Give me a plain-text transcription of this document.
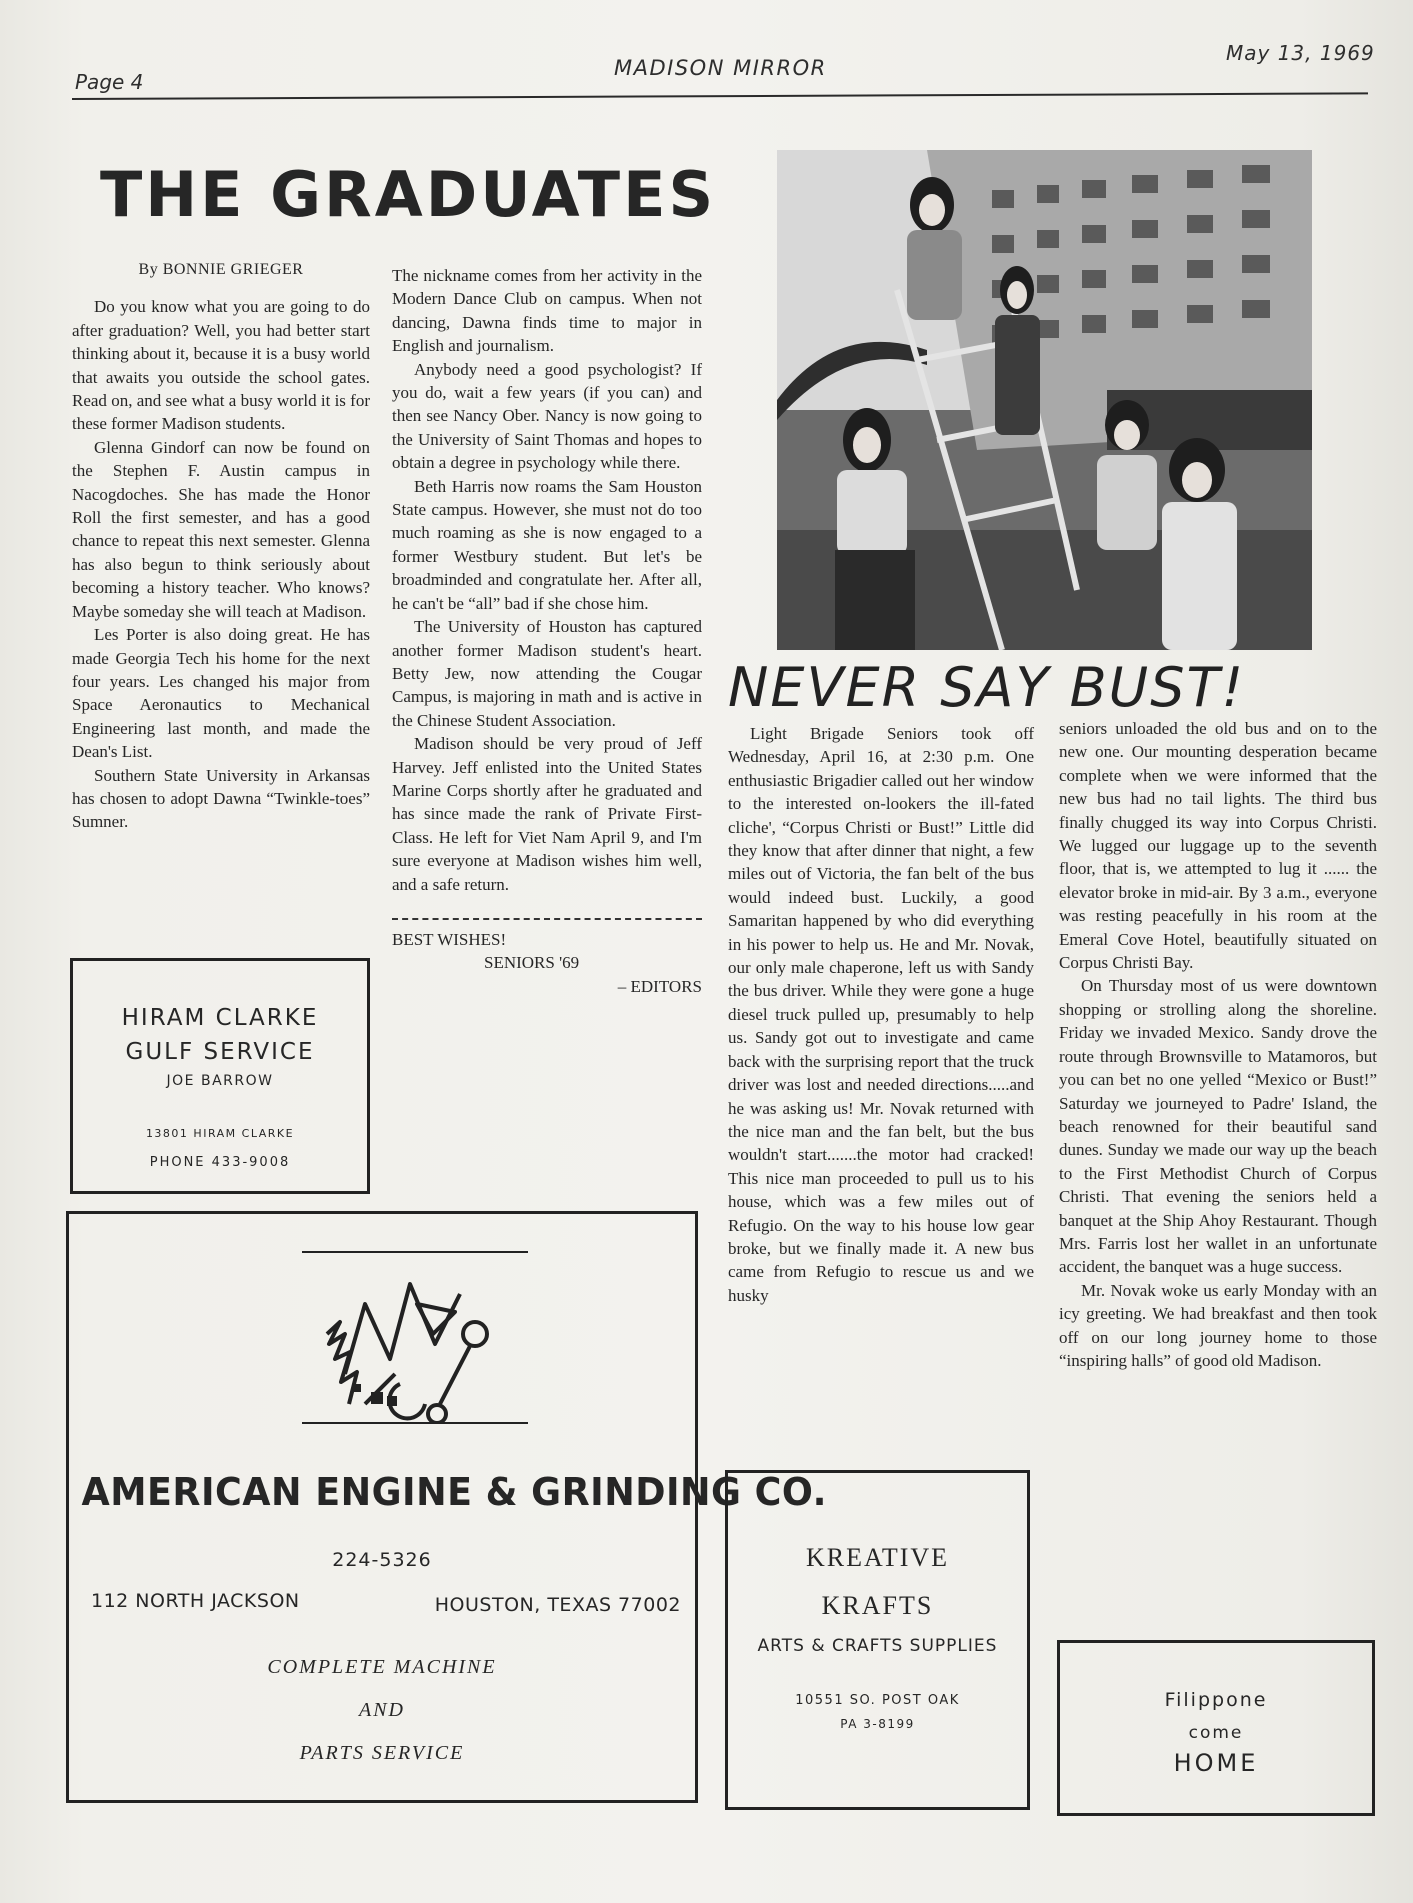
Page 4
MADISON MIRROR
May 13, 1969
THE GRADUATES

By BONNIE GRIEGER

Do you know what you are going to do after graduation? Well, you had better start thinking about it, because it is a busy world that awaits you outside the school gates. Read on, and see what a busy world it is for these former Madison students.

Glenna Gindorf can now be found on the Stephen F. Austin campus in Nacogdoches. She has made the Honor Roll the first semester, and has a good chance to repeat this next semester. Glenna has also begun to think seriously about becoming a history teacher. Who knows? Maybe someday she will teach at Madison.

Les Porter is also doing great. He has made Georgia Tech his home for the next four years. Les changed his major from Space Aeronautics to Mechanical Engineering last month, and made the Dean's List.

Southern State University in Arkansas has chosen to adopt Dawna “Twinkle-toes” Sumner.

The nickname comes from her activity in the Modern Dance Club on campus. When not dancing, Dawna finds time to major in English and journalism.

Anybody need a good psychologist? If you do, wait a few years (if you can) and then see Nancy Ober. Nancy is now going to the University of Saint Thomas and hopes to obtain a degree in psychology while there.

Beth Harris now roams the Sam Houston State campus. However, she must not do too much roaming as she is now engaged to a former Westbury student. But let's be broadminded and congratulate her. After all, he can't be “all” bad if she chose him.

The University of Houston has captured another former Madison student's heart. Betty Jew, now attending the Cougar Campus, is majoring in math and is active in the Chinese Student Association.

Madison should be very proud of Jeff Harvey. Jeff enlisted into the United States Marine Corps shortly after he graduated and has since made the rank of Private First-Class. He left for Viet Nam April 9, and I'm sure everyone at Madison wishes him well, and a safe return.

BEST WISHES!

SENIORS '69

– EDITORS

NEVER SAY BUST!

Light Brigade Seniors took off Wednesday, April 16, at 2:30 p.m. One enthusiastic Brigadier called out her window to the interested on-lookers the ill-fated cliche', “Corpus Christi or Bust!” Little did they know that after dinner that night, a few miles out of Victoria, the fan belt of the bus would indeed bust. Luckily, a good Samaritan happened by who did everything in his power to help us. He and Mr. Novak, our only male chaperone, left us with Sandy the bus driver. While they were gone a huge diesel truck pulled up, presumably to help us. Sandy got out to investigate and came back with the surprising report that the truck driver was lost and needed directions.....and he was asking us! Mr. Novak returned with the nice man and the fan belt, but the bus wouldn't start.......the motor had cracked! This nice man proceeded to pull us to his house, which was a few miles out of Refugio. On the way to his house low gear broke, but we finally made it. A new bus came from Refugio to rescue us and we husky

seniors unloaded the old bus and on to the new one. Our mounting desperation became complete when we were informed that the new bus had no tail lights. The third bus finally chugged its way into Corpus Christi. We lugged our luggage up to the seventh floor, that is, we attempted to lug it ...... the elevator broke in mid-air. By 3 a.m., everyone was resting peacefully in his room at the Emeral Cove Hotel, beautifully situated on Corpus Christi Bay.

On Thursday most of us were downtown shopping or strolling along the shoreline. Friday we invaded Mexico. Sandy drove the route through Brownsville to Matamoros, but you can bet no one yelled “Mexico or Bust!” Saturday we journeyed to Padre' Island, the beach renowned for their beautiful sand dunes. Sunday we made our way up the beach to the First Methodist Church of Corpus Christi. That evening the seniors held a banquet at the Ship Ahoy Restaurant. Though Mrs. Farris lost her wallet in an unfortunate accident, the banquet was a huge success.

Mr. Novak woke us early Monday with an icy greeting. We had breakfast and then took off on our long journey home to those “inspiring halls” of good old Madison.

HIRAM CLARKE
GULF SERVICE
JOE BARROW
13801 HIRAM CLARKE
PHONE 433-9008
AMERICAN ENGINE & GRINDING CO.
224-5326
112 NORTH JACKSON	HOUSTON, TEXAS 77002
COMPLETE MACHINE
AND
PARTS SERVICE
KREATIVE
KRAFTS
ARTS & CRAFTS SUPPLIES
10551 SO. POST OAK
PA 3-8199
Filippone
come
HOME
